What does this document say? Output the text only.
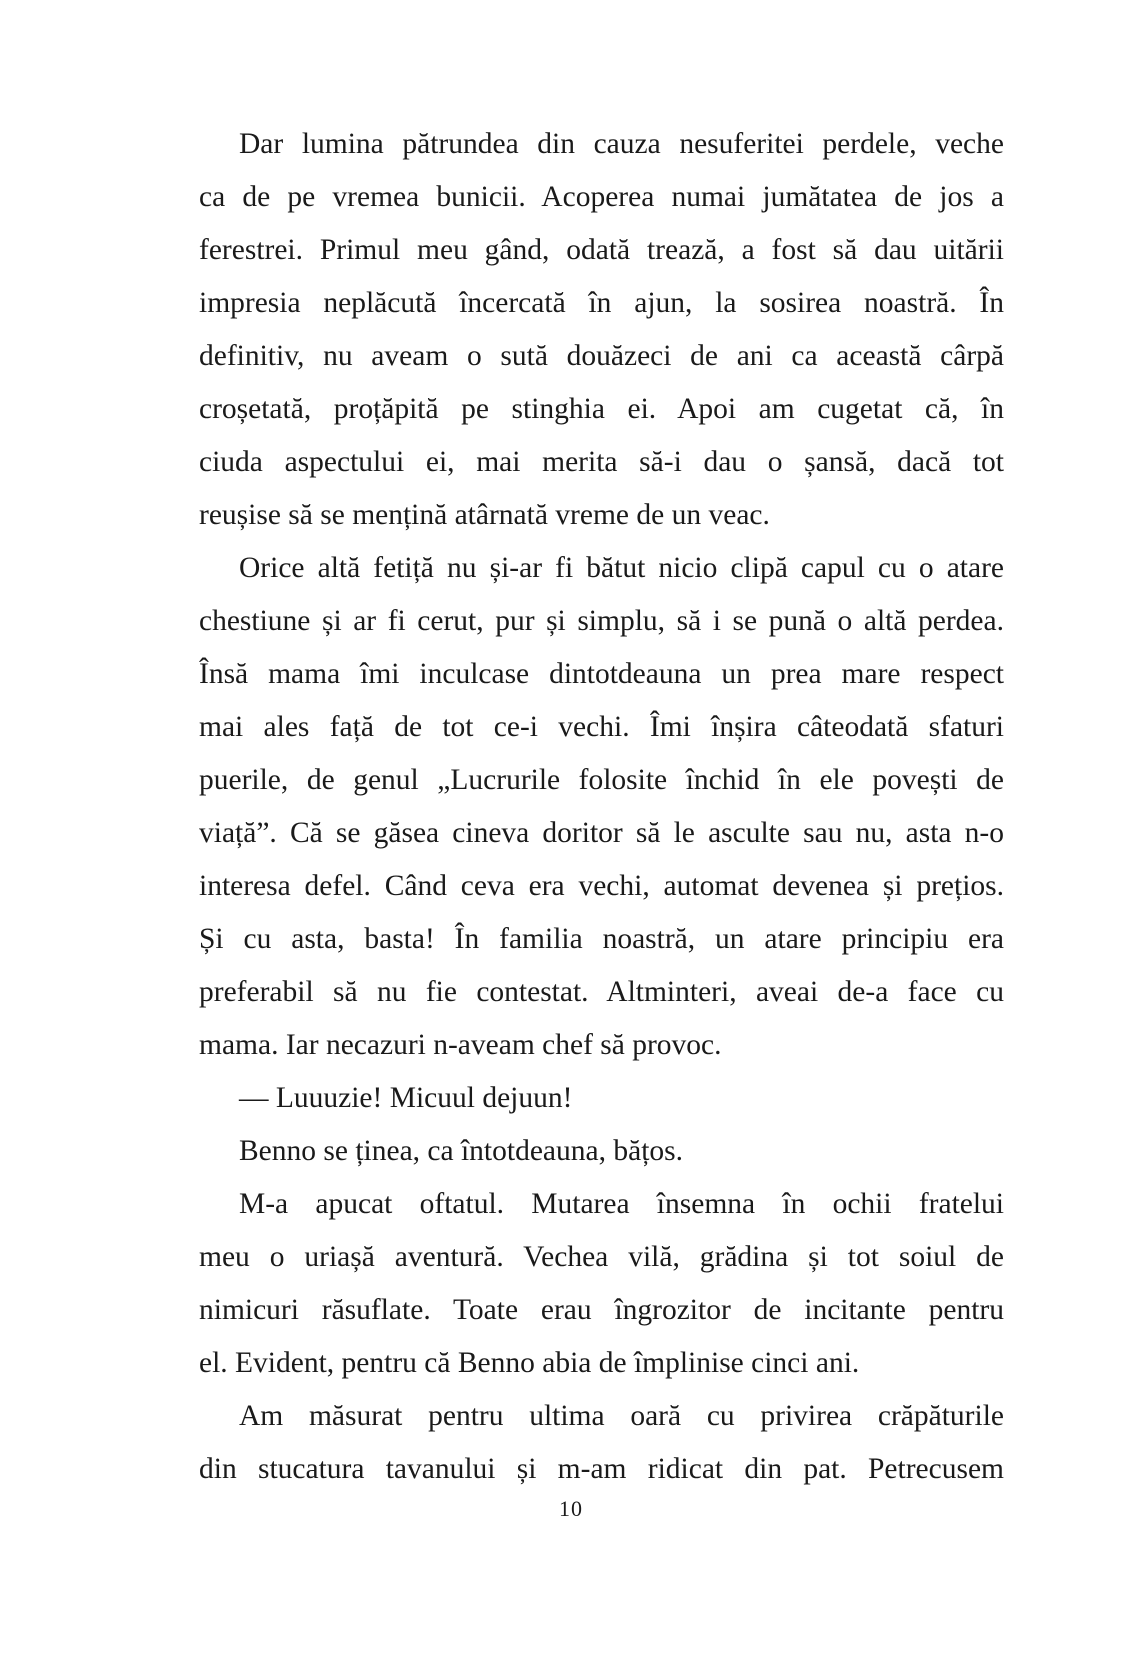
Dar lumina pătrundea din cauza nesuferitei perdele, veche
ca de pe vremea bunicii. Acoperea numai jumătatea de jos a
ferestrei. Primul meu gând, odată trează, a fost să dau uitării
impresia neplăcută încercată în ajun, la sosirea noastră. În
definitiv, nu aveam o sută douăzeci de ani ca această cârpă
croșetată, proțăpită pe stinghia ei. Apoi am cugetat că, în
ciuda aspectului ei, mai merita să-i dau o șansă, dacă tot
reușise să se mențină atârnată vreme de un veac.
Orice altă fetiță nu și-ar fi bătut nicio clipă capul cu o atare
chestiune și ar fi cerut, pur și simplu, să i se pună o altă perdea.
Însă mama îmi inculcase dintotdeauna un prea mare respect
mai ales față de tot ce-i vechi. Îmi înșira câteodată sfaturi
puerile, de genul „Lucrurile folosite închid în ele povești de
viață”. Că se găsea cineva doritor să le asculte sau nu, asta n-o
interesa defel. Când ceva era vechi, automat devenea și prețios.
Și cu asta, basta! În familia noastră, un atare principiu era
preferabil să nu fie contestat. Altminteri, aveai de-a face cu
mama. Iar necazuri n-aveam chef să provoc.
— Luuuzie! Micuul dejuun!
Benno se ținea, ca întotdeauna, bățos.
M-a apucat oftatul. Mutarea însemna în ochii fratelui
meu o uriașă aventură. Vechea vilă, grădina și tot soiul de
nimicuri răsuflate. Toate erau îngrozitor de incitante pentru
el. Evident, pentru că Benno abia de împlinise cinci ani.
Am măsurat pentru ultima oară cu privirea crăpăturile
din stucatura tavanului și m-am ridicat din pat. Petrecusem
10
